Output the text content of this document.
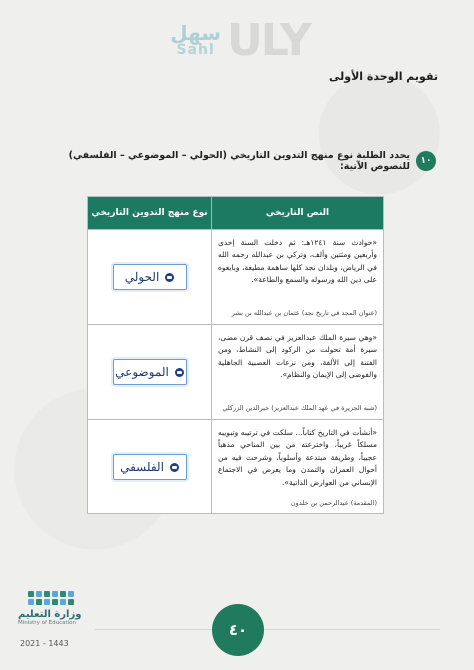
سهل
Sahl ULY
تقويم الوحدة الأولى
١٠
يحدد الطلبة نوع منهج التدوين التاريخي (الحولي – الموضوعي – الفلسفي) للنصوص الآتية:
النص التاريخي
نوع منهج التدوين التاريخي

«حوادث سنة ١٢٤١هـ: ثم دخلت السنة إحدى وأربعين ومئتين وألف، وتركي بن عبدالله رحمه الله في الرياض، وبلدان نجد كلها ساهمة مطيعة، وبايعوه على دين الله ورسوله والسمع والطاعة».

(عنوان المجد في تاريخ نجد) عثمان بن عبدالله بن بشر

الحولي

«وهي سيرة الملك عبدالعزيز في نصف قرن مضى، سيرة أمة تحولت من الركود إلى النشاط، ومن الفتنة إلى الألفة، ومن نزعات العصبية الجاهلية والفوضى إلى الإيمان والنظام».

(شبه الجزيرة في عهد الملك عبدالعزيز) خيرالدين الزركلي

الموضوعي

«أنشأت في التاريخ كتاباً... سلكت في ترتيبه وتبويبه مسلكاً غريباً، واخترعته من بين المناحي مذهباً عجيباً، وطريقة مبتدعة وأسلوباً، وشرحت فيه من أحوال العمران والتمدن وما يعرض في الاجتماع الإنساني من العوارض الذاتية».

(المقدمة) عبدالرحمن بن خلدون

الفلسفي
وزارة التعليم
Ministry of Education
2021 - 1443
٤٠
